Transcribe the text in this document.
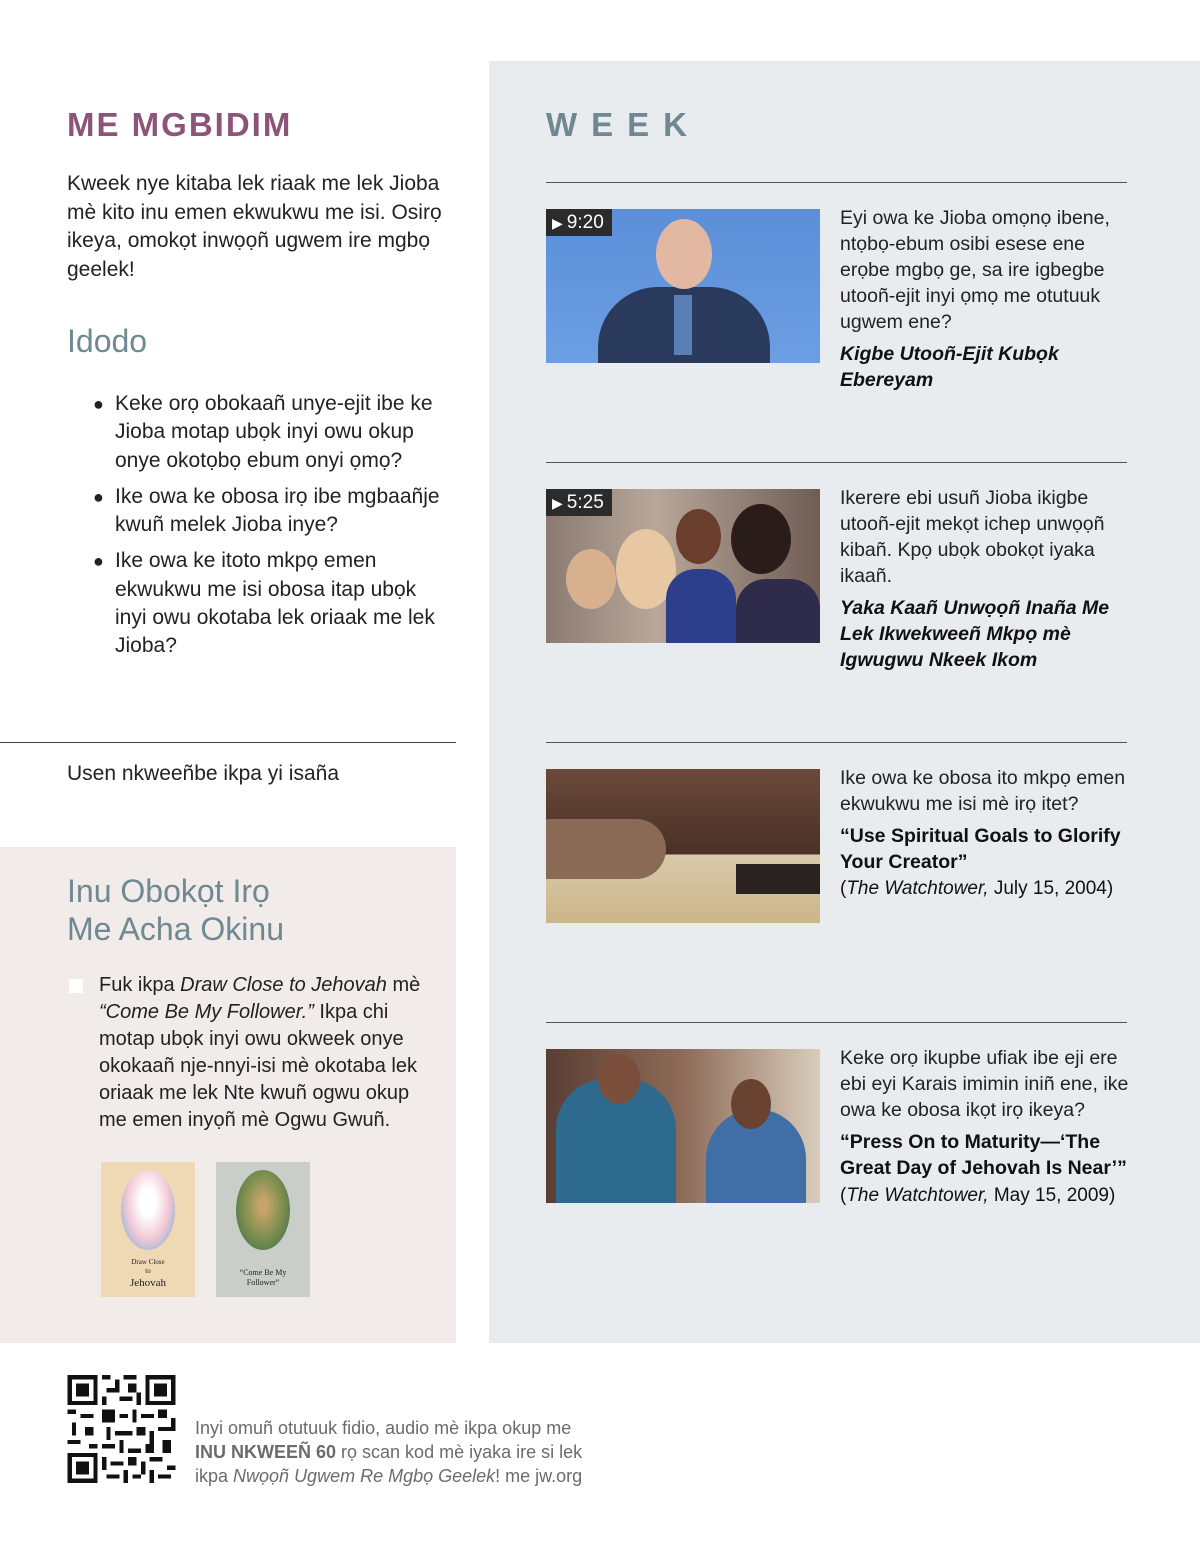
ME MGBIDIM
Kweek nye kitaba lek riaak me lek Jioba mè kito inu emen ekwukwu me isi. Osirọ ikeya, omokọt inwọọñ ugwem ire mgbọ geelek!
Idodo
● Keke orọ obokaañ unye-ejit ibe ke Jioba motap ubọk inyi owu okup onye okotọbọ ebum onyi ọmọ?
● Ike owa ke obosa irọ ibe mgbaañje kwuñ melek Jioba inye?
● Ike owa ke itoto mkpọ emen ekwukwu me isi obosa itap ubọk inyi owu okotaba lek oriaak me lek Jioba?
Usen nkweeñbe ikpa yi isaña
Inu Obokọt Irọ
Me Acha Okinu
Fuk ikpa Draw Close to Jehovah mè “Come Be My Follower.” Ikpa chi motap ubọk inyi owu okweek onye okokaañ nje-nnyi-isi mè okotaba lek oriaak me lek Nte kwuñ ogwu okup me emen inyọñ mè Ogwu Gwuñ.
Draw Close
to
Jehovah
“Come Be My
Follower”
WEEK
▶ 9:20	Eyi owa ke Jioba omọnọ ibene, ntọbọ-ebum osibi esese ene erọbe mgbọ ge, sa ire igbegbe utooñ-ejit inyi ọmọ me otutuuk ugwem ene?
Kigbe Utooñ-Ejit Kubọk Ebereyam
▶ 5:25	Ikerere ebi usuñ Jioba ikigbe utooñ-ejit mekọt ichep unwọọñ kibañ. Kpọ ubọk obokọt iyaka ikaañ.
Yaka Kaañ Unwọọñ Inaña Me Lek Ikwekweeñ Mkpọ mè Igwugwu Nkeek Ikom
Ike owa ke obosa ito mkpọ emen ekwukwu me isi mè irọ itet?
“Use Spiritual Goals to Glorify Your Creator”
(The Watchtower, July 15, 2004)
Keke orọ ikupbe ufiak ibe eji ere ebi eyi Karais imimin iniñ ene, ike owa ke obosa ikọt irọ ikeya?
“Press On to Maturity—‘The Great Day of Jehovah Is Near’” (The Watchtower, May 15, 2009)
Inyi omuñ otutuuk fidio, audio mè ikpa okup me
INU NKWEEÑ 60 rọ scan kod mè iyaka ire si lek
ikpa Nwọọñ Ugwem Re Mgbọ Geelek! me jw.org
